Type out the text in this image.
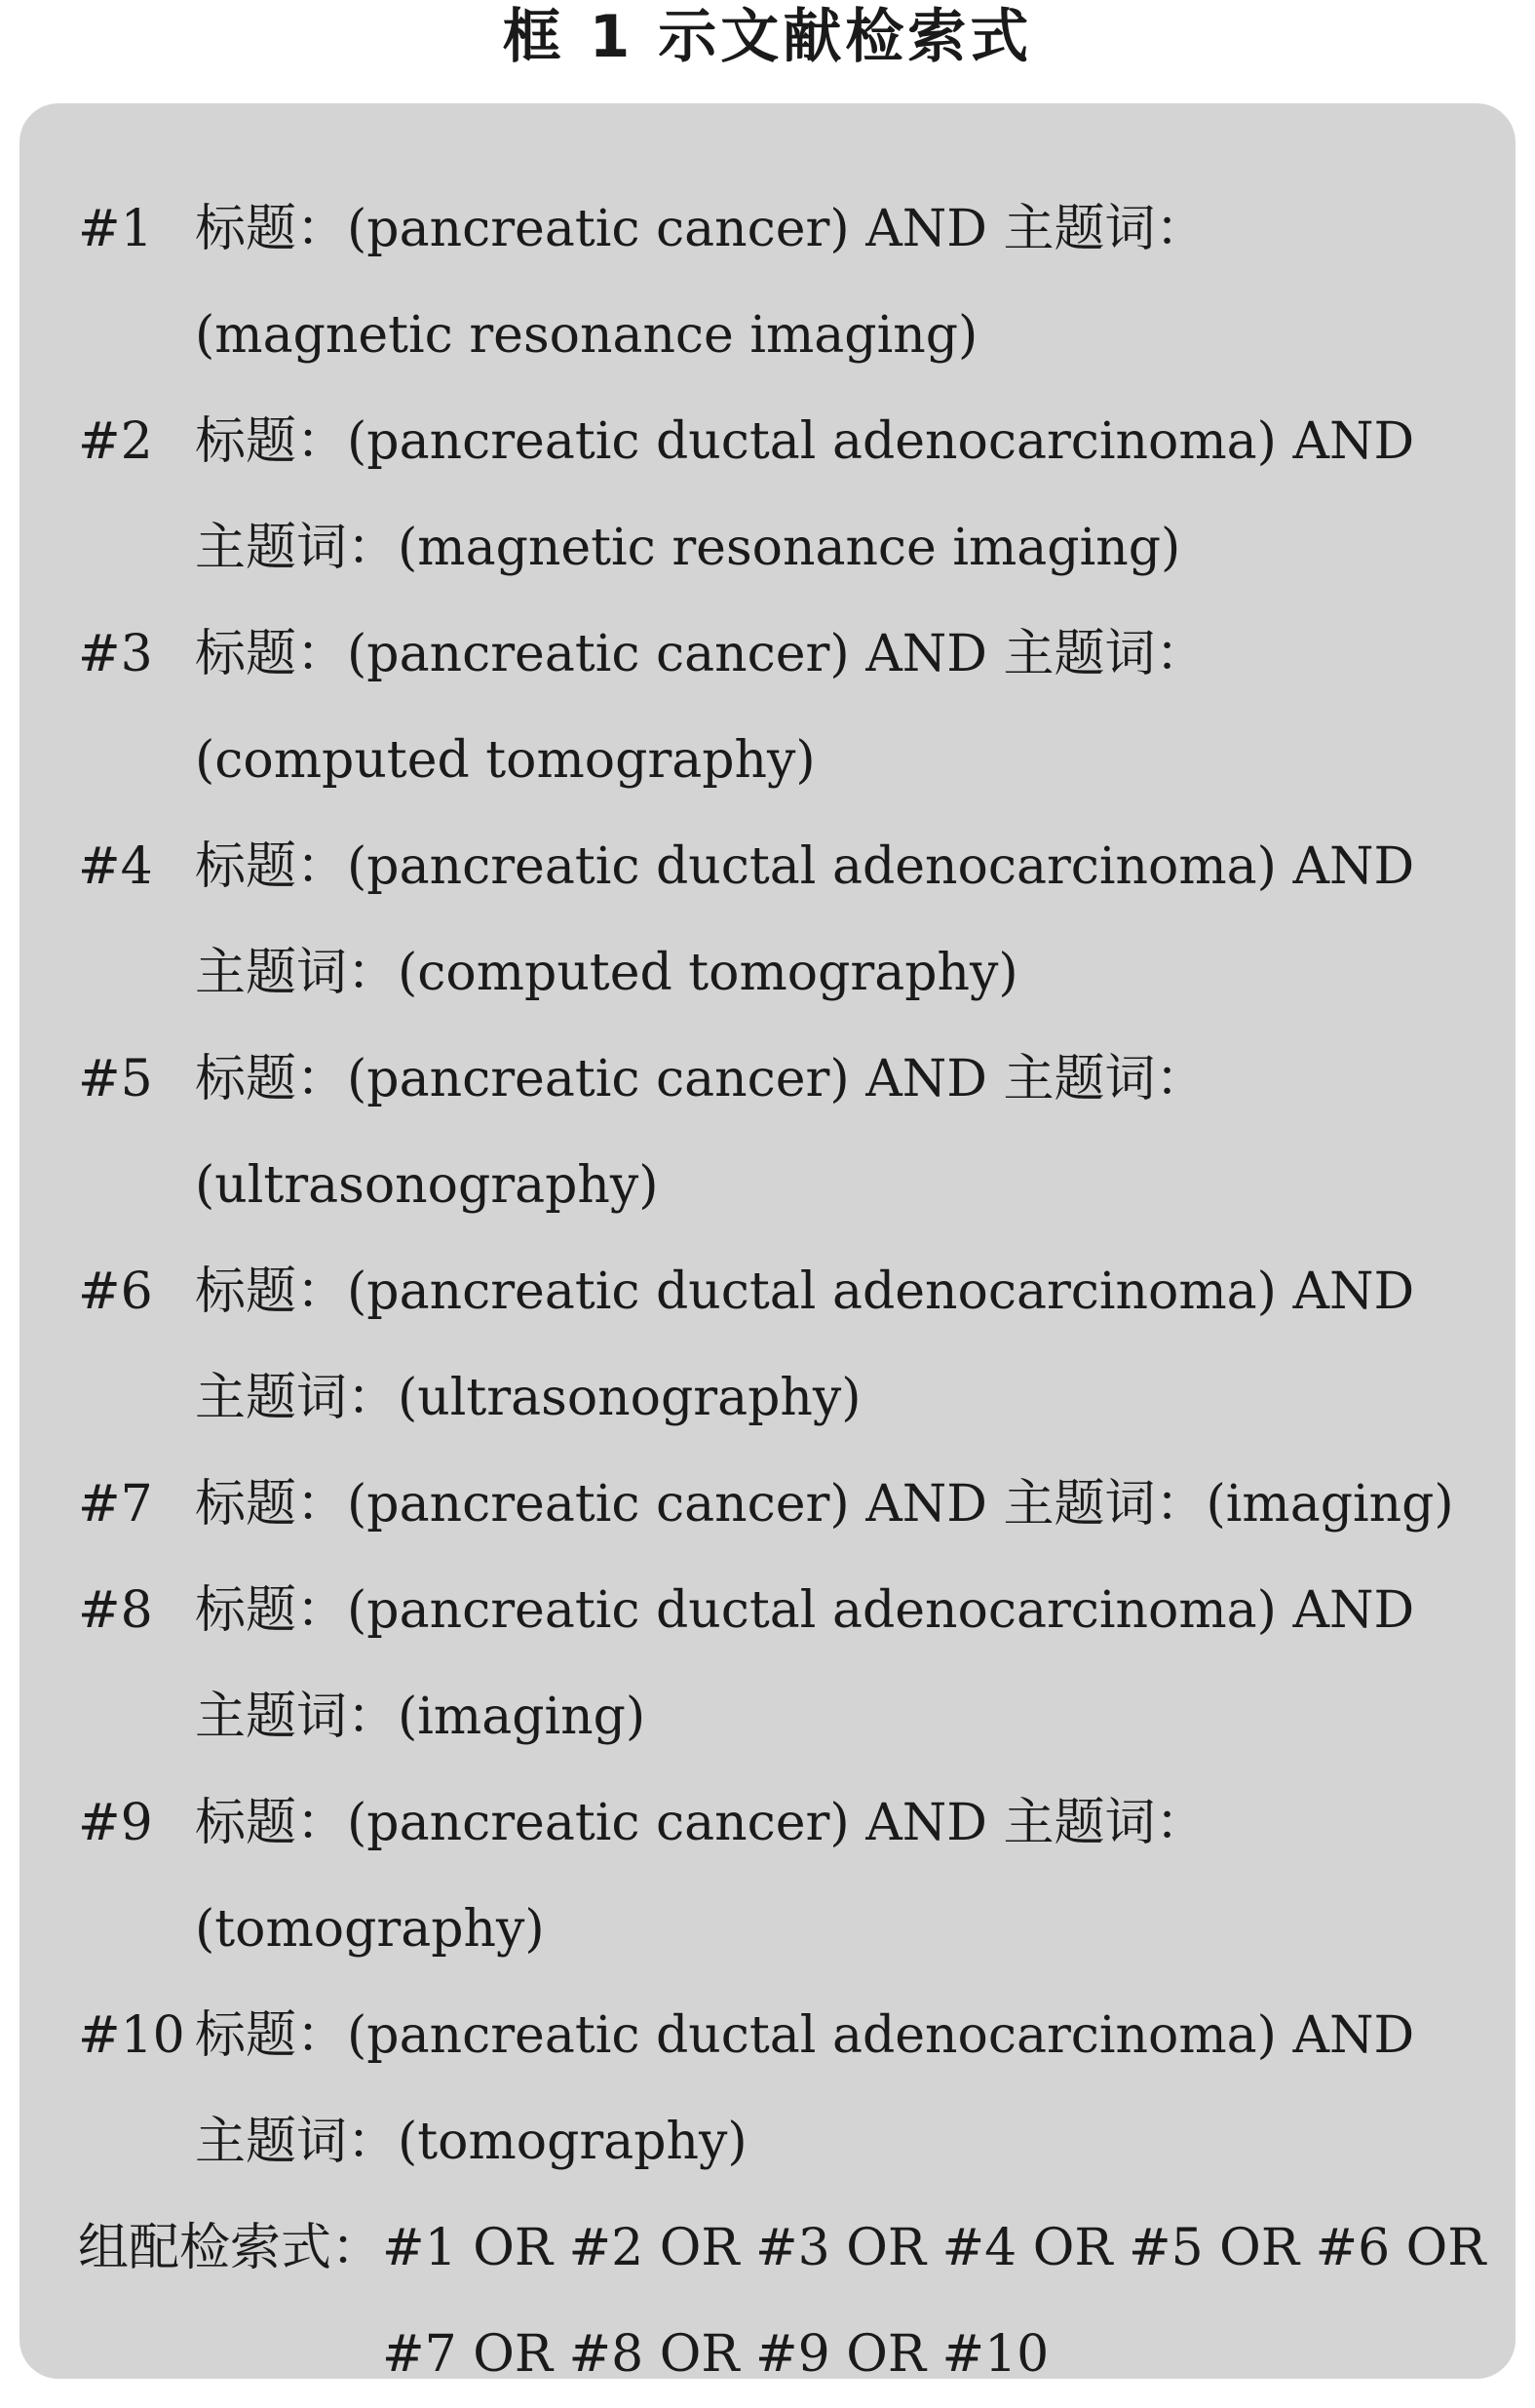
框 1 示文献检索式
#1 标题：(pancreatic cancer) AND 主题词：
(magnetic resonance imaging)
#2 标题：(pancreatic ductal adenocarcinoma) AND
主题词：(magnetic resonance imaging)
#3 标题：(pancreatic cancer) AND 主题词：
(computed tomography)
#4 标题：(pancreatic ductal adenocarcinoma) AND
主题词：(computed tomography)
#5 标题：(pancreatic cancer) AND 主题词：
(ultrasonography)
#6 标题：(pancreatic ductal adenocarcinoma) AND
主题词：(ultrasonography)
#7 标题：(pancreatic cancer) AND 主题词：(imaging)
#8 标题：(pancreatic ductal adenocarcinoma) AND
主题词：(imaging)
#9 标题：(pancreatic cancer) AND 主题词：
(tomography)
#10 标题：(pancreatic ductal adenocarcinoma) AND
主题词：(tomography)
组配检索式： #1 OR #2 OR #3 OR #4 OR #5 OR #6 OR
#7 OR #8 OR #9 OR #10
